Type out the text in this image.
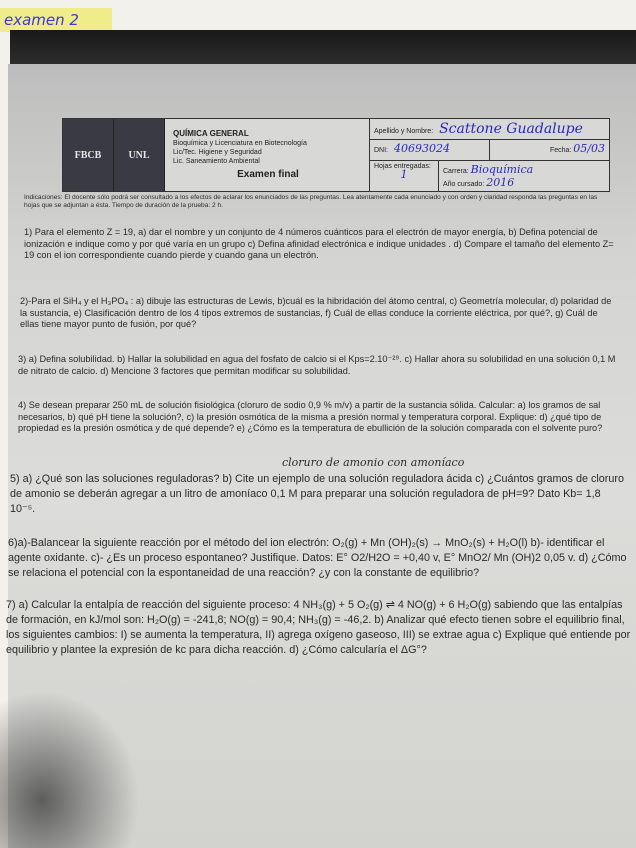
examen 2
FBCB	UNL
QUÍMICA GENERAL
Bioquímica y Licenciatura en Biotecnología
Lic/Tec. Higiene y Seguridad
Lic. Saneamiento Ambiental
Examen final
Apellido y Nombre: Scattone Guadalupe
DNI: 40693024	Fecha: 05/03
Hojas entregadas:
1	Carrera: Bioquímica
Año cursado: 2016

Indicaciones: El docente sólo podrá ser consultado a los efectos de aclarar los enunciados de las preguntas. Lea atentamente cada enunciado y con orden y claridad responda las preguntas en las hojas que se adjuntan a ésta. Tiempo de duración de la prueba: 2 h.

1) Para el elemento Z = 19, a) dar el nombre y un conjunto de 4 números cuánticos para el electrón de mayor energía, b) Defina potencial de ionización e indique como y por qué varía en un grupo c) Defina afinidad electrónica e indique unidades . d) Compare el tamaño del elemento Z= 19 con el ion correspondiente cuando pierde y cuando gana un electrón.

2)-Para el SiH₄ y el H₃PO₄ : a) dibuje las estructuras de Lewis, b)cuál es la hibridación del átomo central, c) Geometría molecular, d) polaridad de la sustancia, e) Clasificación dentro de los 4 tipos extremos de sustancias, f) Cuál de ellas conduce la corriente eléctrica, por qué?, g) Cuál de ellas tiene mayor punto de fusión, por qué?

3) a) Defina solubilidad. b) Hallar la solubilidad en agua del fosfato de calcio si el Kps=2.10⁻²⁹. c) Hallar ahora su solubilidad en una solución 0,1 M de nitrato de calcio. d) Mencione 3 factores que permitan modificar su solubilidad.

4) Se desean preparar 250 mL de solución fisiológica (cloruro de sodio 0,9 % m/v) a partir de la sustancia sólida. Calcular: a) los gramos de sal necesarios, b) qué pH tiene la solución?, c) la presión osmótica de la misma a presión normal y temperatura corporal. Explique: d) ¿qué tipo de propiedad es la presión osmótica y de qué depende? e) ¿Cómo es la temperatura de ebullición de la solución comparada con el solvente puro?

cloruro de amonio con amoníaco

5) a) ¿Qué son las soluciones reguladoras? b) Cite un ejemplo de una solución reguladora ácida c) ¿Cuántos gramos de cloruro de amonio se deberán agregar a un litro de amoníaco 0,1 M para preparar una solución reguladora de pH=9? Dato Kb= 1,8 10⁻⁵.

6)a)-Balancear la siguiente reacción por el método del ion electrón: O₂(g) + Mn (OH)₂(s) → MnO₂(s) + H₂O(l) b)- identificar el agente oxidante. c)- ¿Es un proceso espontaneo? Justifique. Datos: E° O2/H2O = +0,40 v, E° MnO2/ Mn (OH)2 0,05 v. d) ¿Cómo se relaciona el potencial con la espontaneidad de una reacción? ¿y con la constante de equilibrio?

7) a) Calcular la entalpía de reacción del siguiente proceso: 4 NH₃(g) + 5 O₂(g) ⇌ 4 NO(g) + 6 H₂O(g) sabiendo que las entalpías de formación, en kJ/mol son: H₂O(g) = -241,8; NO(g) = 90,4; NH₃(g) = -46,2. b) Analizar qué efecto tienen sobre el equilibrio final, los siguientes cambios: I) se aumenta la temperatura, II) agrega oxígeno gaseoso, III) se extrae agua c) Explique qué entiende por equilibrio y plantee la expresión de kc para dicha reacción. d) ¿Cómo calcularía el ΔG°?
